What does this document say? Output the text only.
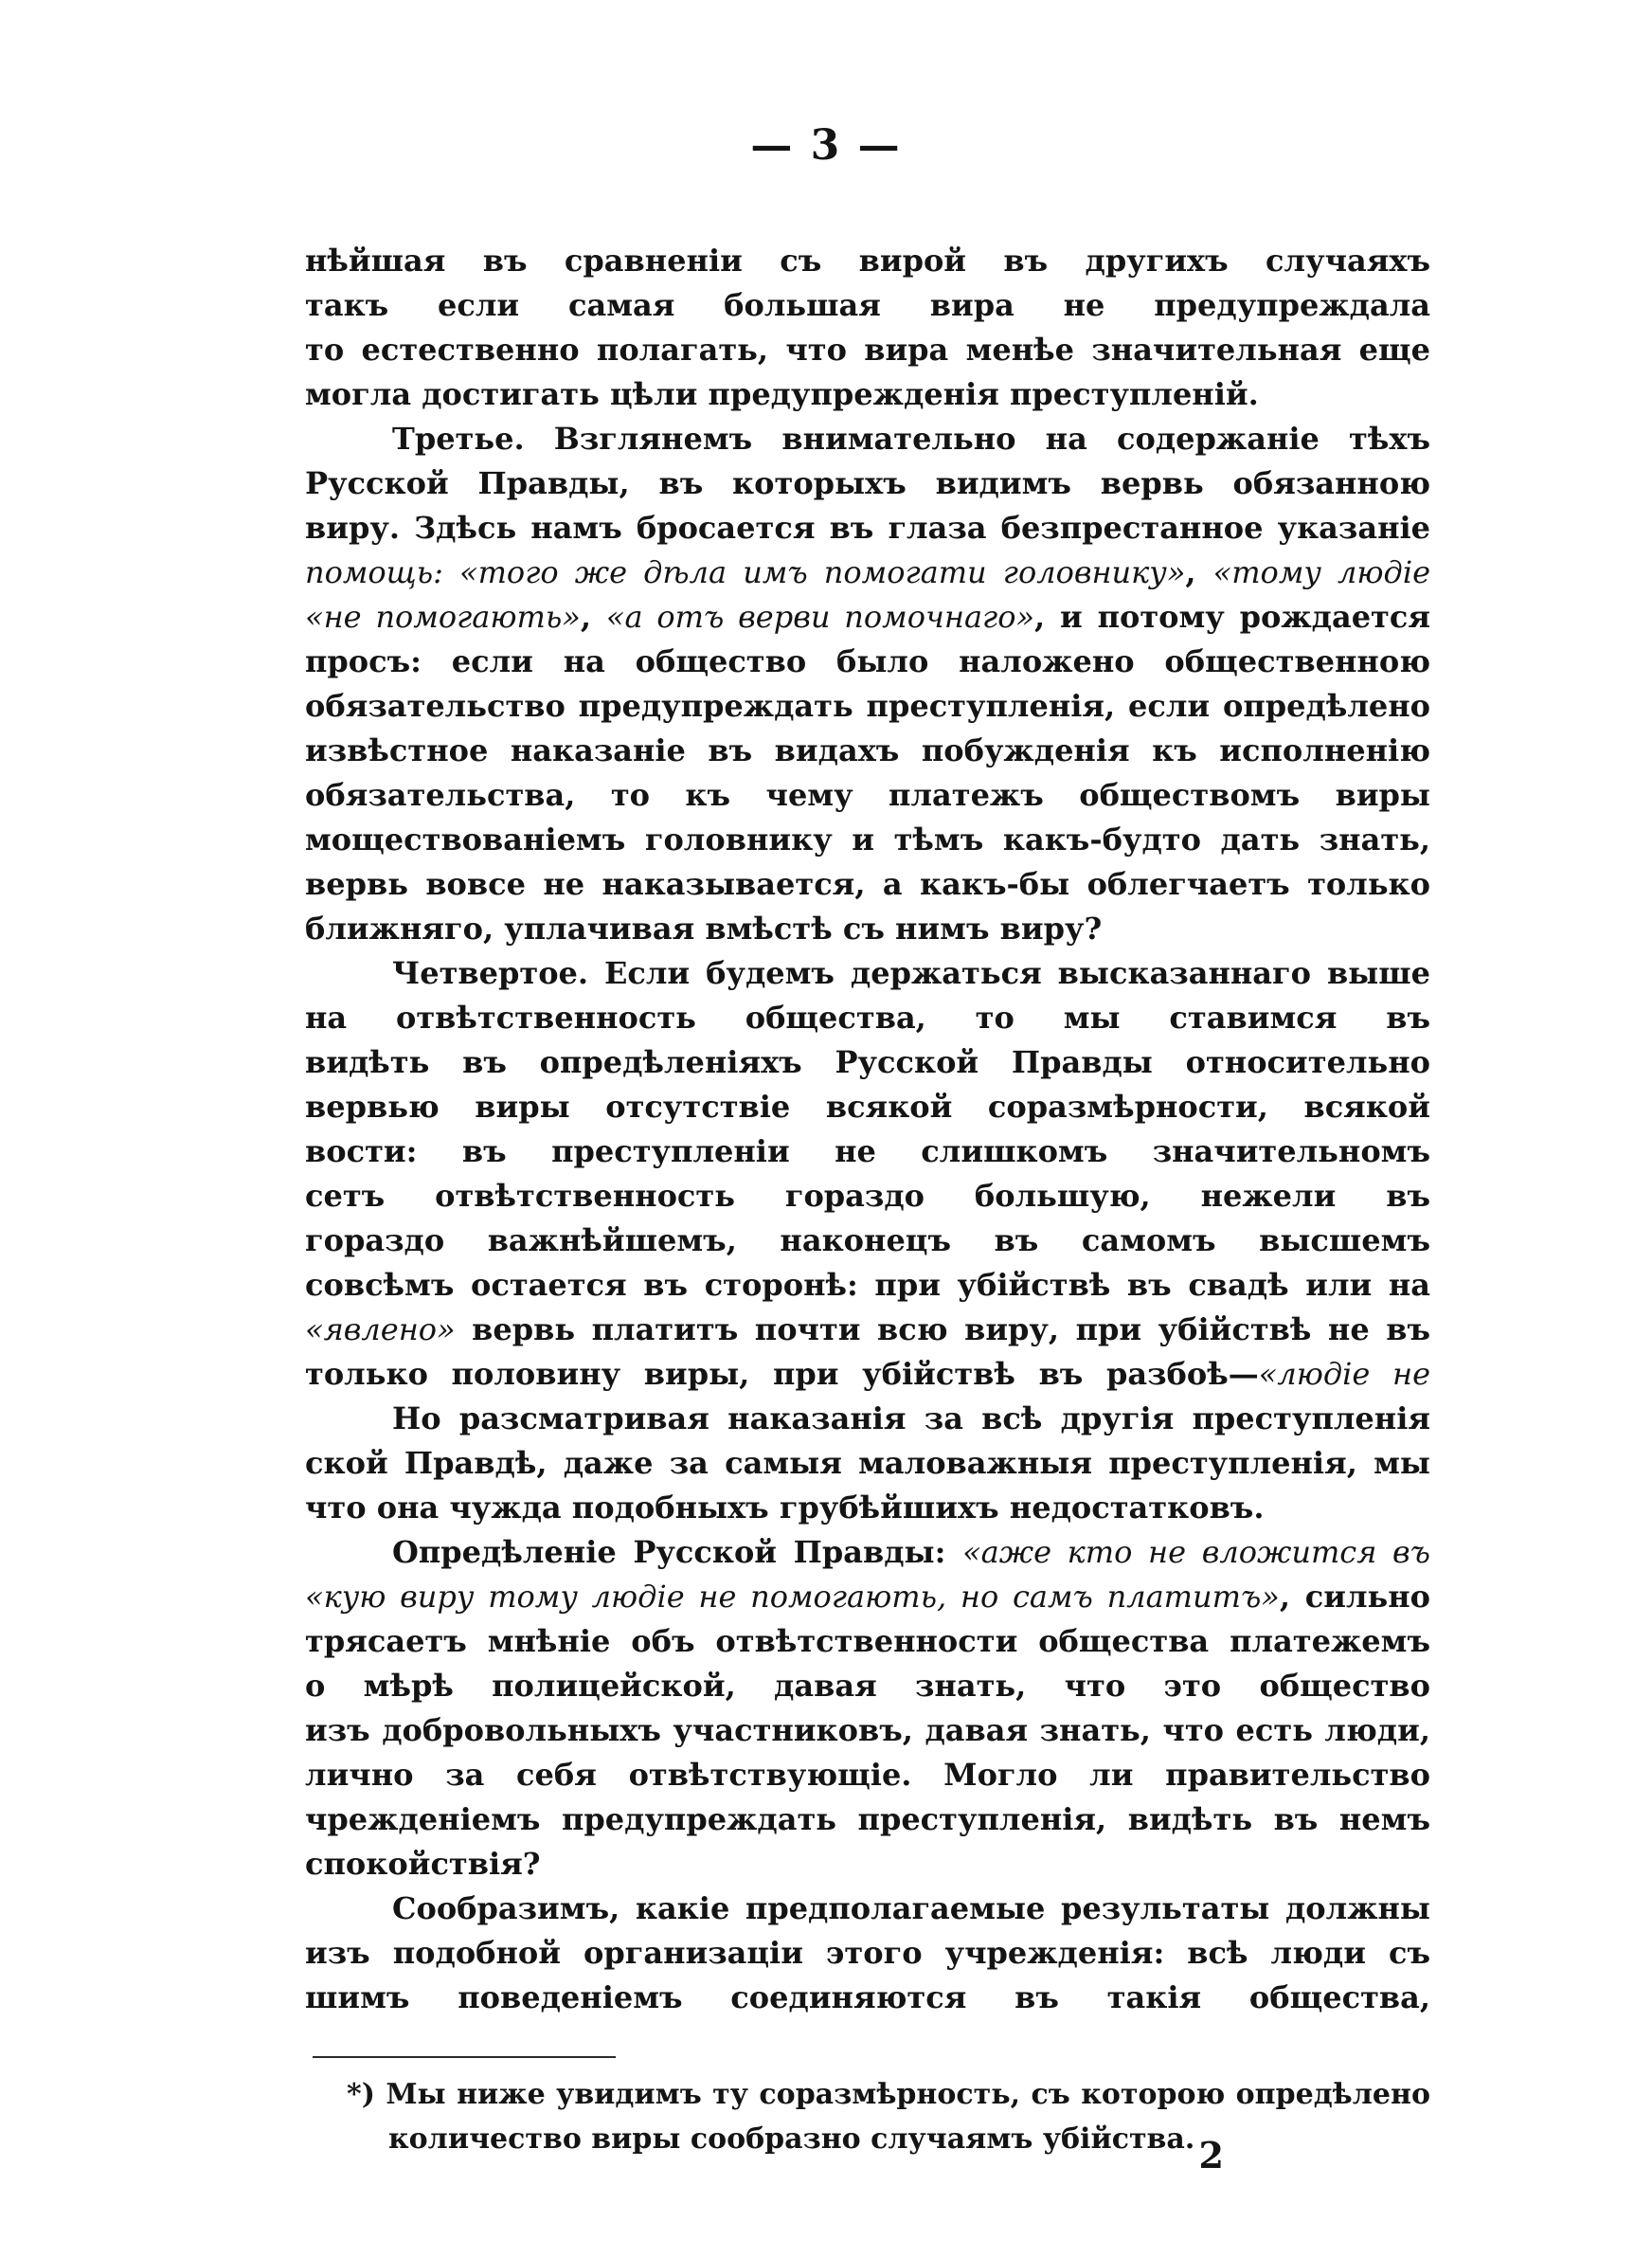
— 3 —
нѣйшая въ сравненіи съ вирой въ другихъ случаяхъ
такъ если самая большая вира не предупреждала
то естественно полагать, что вира менѣе значительная еще
могла достигать цѣли предупрежденія преступленій.
Третье. Взглянемъ внимательно на содержаніе тѣхъ
Русской Правды, въ которыхъ видимъ вервь обязанною
виру. Здѣсь намъ бросается въ глаза безпрестанное указаніе
помощь: «того же дѣла имъ помогати головнику», «тому людіе
«не помогають», «а отъ верви помочнаго», и потому рождается
просъ: если на общество было наложено общественною
обязательство предупреждать преступленія, если опредѣлено
извѣстное наказаніе въ видахъ побужденія къ исполненію
обязательства, то къ чему платежъ обществомъ виры
моществованіемъ головнику и тѣмъ какъ-будто дать знать,
вервь вовсе не наказывается, а какъ-бы облегчаетъ только
ближняго, уплачивая вмѣстѣ съ нимъ виру?
Четвертое. Если будемъ держаться высказаннаго выше
на отвѣтственность общества, то мы ставимся въ
видѣть въ опредѣленіяхъ Русской Правды относительно
вервью виры отсутствіе всякой соразмѣрности, всякой
вости: въ преступленіи не слишкомъ значительномъ
сетъ отвѣтственность гораздо большую, нежели въ
гораздо важнѣйшемъ, наконецъ въ самомъ высшемъ
совсѣмъ остается въ сторонѣ: при убійствѣ въ свадѣ или на
«явлено» вервь платитъ почти всю виру, при убійствѣ не въ
только половину виры, при убійствѣ въ разбоѣ—«людіе не
Но разсматривая наказанія за всѣ другія преступленія
ской Правдѣ, даже за самыя маловажныя преступленія, мы
что она чужда подобныхъ грубѣйшихъ недостатковъ.
Опредѣленіе Русской Правды: «аже кто не вложится въ
«кую виру тому людіе не помогають, но самъ платитъ», сильно
трясаетъ мнѣніе объ отвѣтственности общества платежемъ
о мѣрѣ полицейской, давая знать, что это общество
изъ добровольныхъ участниковъ, давая знать, что есть люди,
лично за себя отвѣтствующіе. Могло ли правительство
чрежденіемъ предупреждать преступленія, видѣть въ немъ
спокойствія?
Сообразимъ, какіе предполагаемые результаты должны
изъ подобной организаціи этого учрежденія: всѣ люди съ
шимъ поведеніемъ соединяются въ такія общества,
*) Мы ниже увидимъ ту соразмѣрность, съ которою опредѣлено
количество виры сообразно случаямъ убійства. 2
